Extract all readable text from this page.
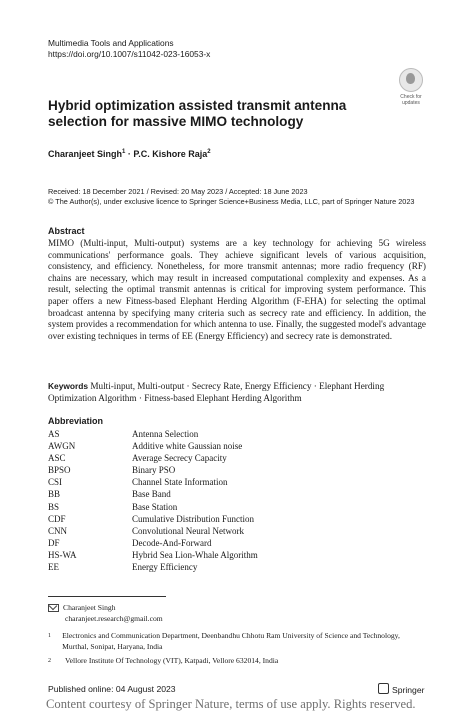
Multimedia Tools and Applications
https://doi.org/10.1007/s11042-023-16053-x
Check for updates
Hybrid optimization assisted transmit antenna selection for massive MIMO technology
Charanjeet Singh$^1$ · P.C. Kishore Raja$^2$
Received: 18 December 2021 / Revised: 20 May 2023 / Accepted: 18 June 2023
© The Author(s), under exclusive licence to Springer Science+Business Media, LLC, part of Springer Nature 2023
Abstract

MIMO (Multi-input, Multi-output) systems are a key technology for achieving 5G wireless communications' performance goals. They achieve significant levels of various acquisition, consistency, and efficiency. Nonetheless, for more transmit antennas; more radio frequency (RF) chains are necessary, which may result in increased computational complexity and expenses. As a result, selecting the optimal transmit antennas is critical for improving system performance. This paper offers a new Fitness-based Elephant Herding Algorithm (F-EHA) for selecting the optimal broadcast antenna by specifying many criteria such as secrecy rate and efficiency. In addition, the system provides a recommendation for which antenna to use. Finally, the suggested model's advantage over existing techniques in terms of EE (Energy Efficiency) and secrecy rate is demonstrated.

Keywords Multi-input, Multi-output · Secrecy Rate, Energy Efficiency · Elephant Herding Optimization Algorithm · Fitness-based Elephant Herding Algorithm
Abbreviation
AS	Antenna Selection
AWGN	Additive white Gaussian noise
ASC	Average Secrecy Capacity
BPSO	Binary PSO
CSI	Channel State Information
BB	Base Band
BS	Base Station
CDF	Cumulative Distribution Function
CNN	Convolutional Neural Network
DF	Decode-And-Forward
HS-WA	Hybrid Sea Lion-Whale Algorithm
EE	Energy Efficiency
Charanjeet Singh
charanjeet.research@gmail.com
1	Electronics and Communication Department, Deenbandhu Chhotu Ram University of Science and Technology, Murthal, Sonipat, Haryana, India
2	Vellore Institute Of Technology (VIT), Katpadi, Vellore 632014, India
Published online: 04 August 2023	Springer
Content courtesy of Springer Nature, terms of use apply. Rights reserved.
